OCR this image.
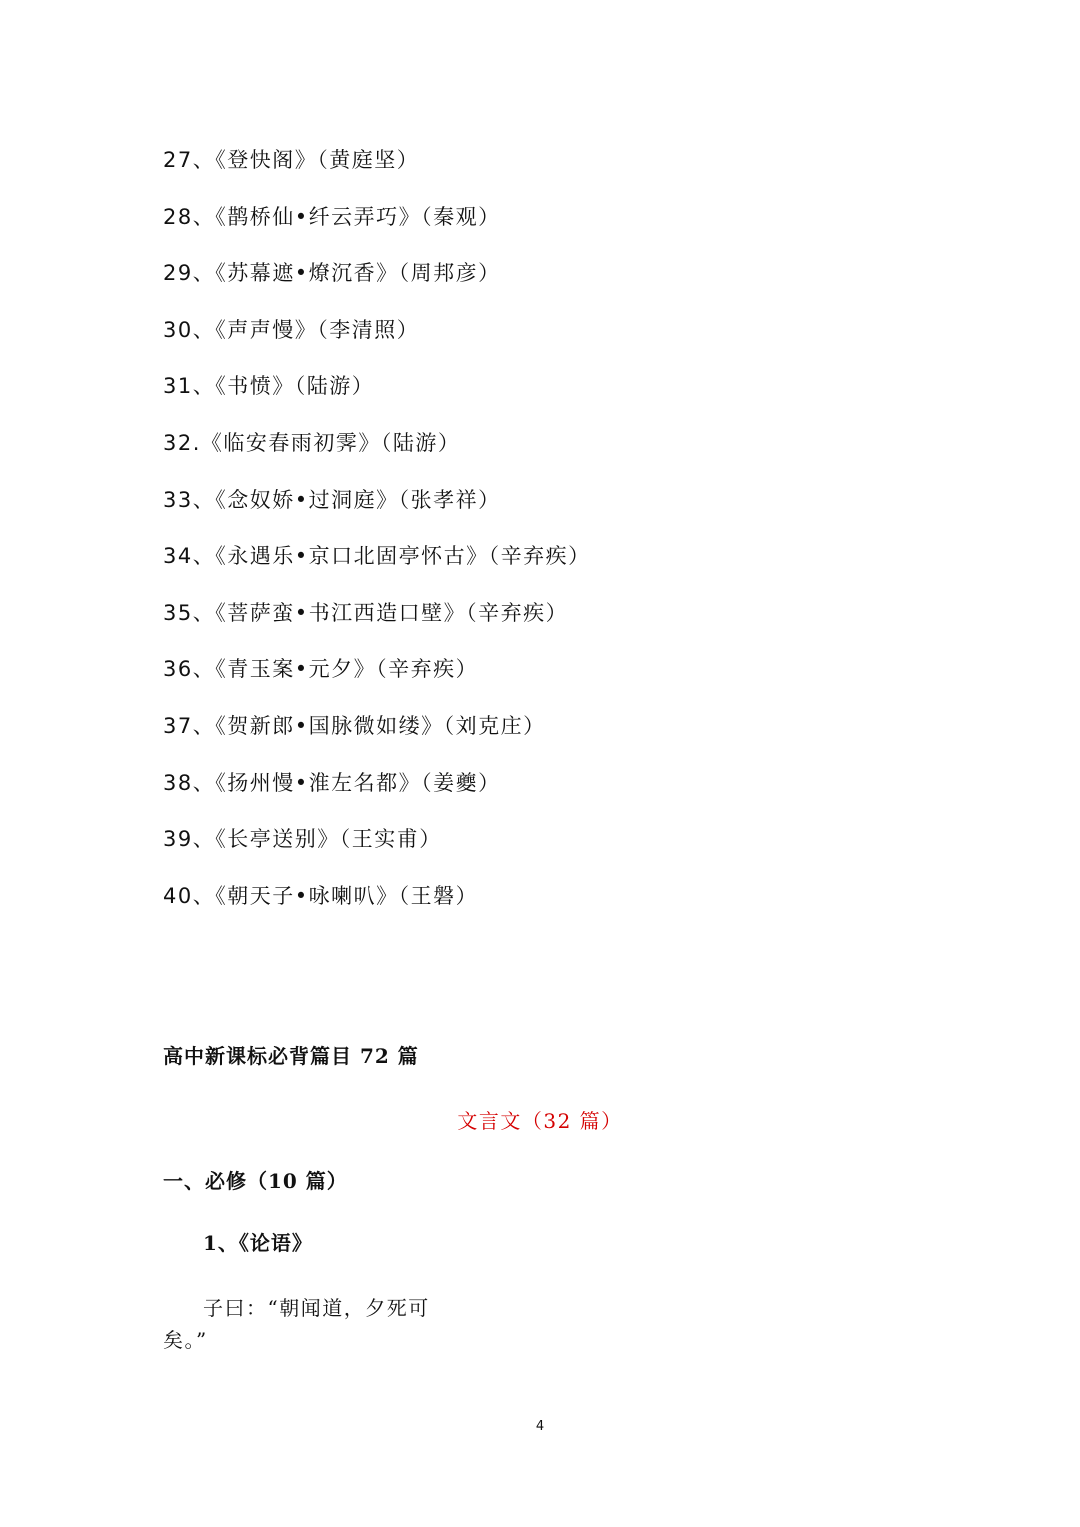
27、《登快阁》（黄庭坚）
28、《鹊桥仙•纤云弄巧》（秦观）
29、《苏幕遮•燎沉香》（周邦彦）
30、《声声慢》（李清照）
31、《书愤》（陆游）
32.《临安春雨初霁》（陆游）
33、《念奴娇•过洞庭》（张孝祥）
34、《永遇乐•京口北固亭怀古》（辛弃疾）
35、《菩萨蛮•书江西造口壁》（辛弃疾）
36、《青玉案•元夕》（辛弃疾）
37、《贺新郎•国脉微如缕》（刘克庄）
38、《扬州慢•淮左名都》（姜夔）
39、《长亭送别》（王实甫）
40、《朝天子•咏喇叭》（王磐）
高中新课标必背篇目 72 篇
文言文（32 篇）
一、必修（10 篇）
1、《论语》
子曰：“朝闻道，夕死可
矣。”
4
